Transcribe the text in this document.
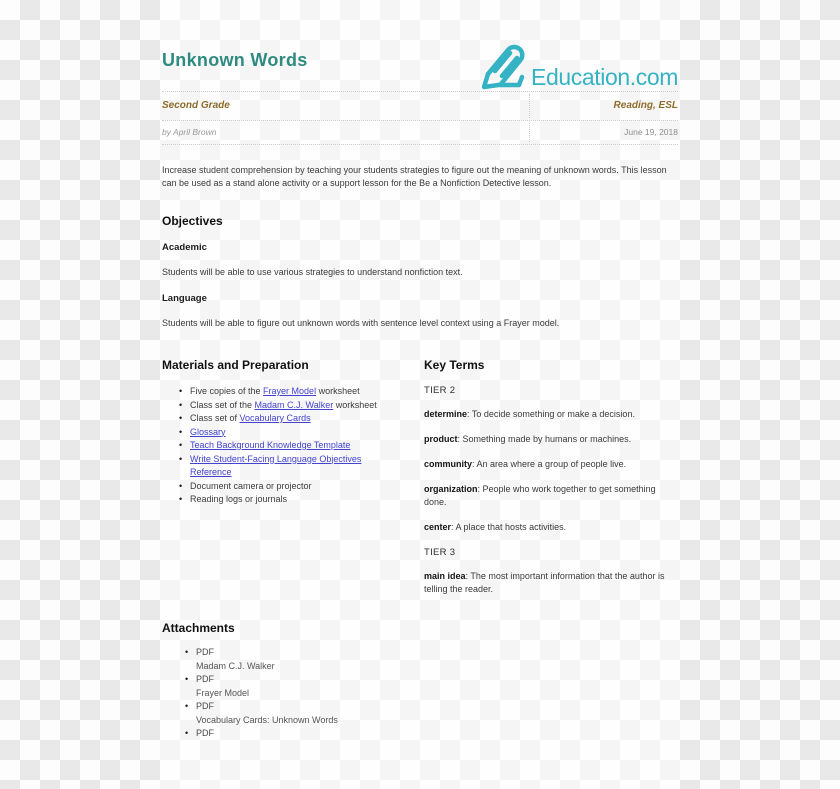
Unknown Words
Education.com
Second Grade	Reading, ESL
by April Brown	June 19, 2018

Increase student comprehension by teaching your students strategies to figure out the meaning of unknown words. This lesson can be used as a stand alone activity or a support lesson for the Be a Nonfiction Detective lesson.

Objectives

Academic

Students will be able to use various strategies to understand nonfiction text.

Language

Students will be able to figure out unknown words with sentence level context using a Frayer model.

Materials and Preparation
• Five copies of the Frayer Model worksheet
• Class set of the Madam C.J. Walker worksheet
• Class set of Vocabulary Cards
• Glossary
• Teach Background Knowledge Template
• Write Student-Facing Language Objectives Reference
• Document camera or projector
• Reading logs or journals
Key Terms

TIER 2

determine: To decide something or make a decision.

product: Something made by humans or machines.

community: An area where a group of people live.

organization: People who work together to get something done.

center: A place that hosts activities.

TIER 3

main idea: The most important information that the author is telling the reader.

Attachments
• PDF
Madam C.J. Walker
• PDF
Frayer Model
• PDF
Vocabulary Cards: Unknown Words
• PDF
